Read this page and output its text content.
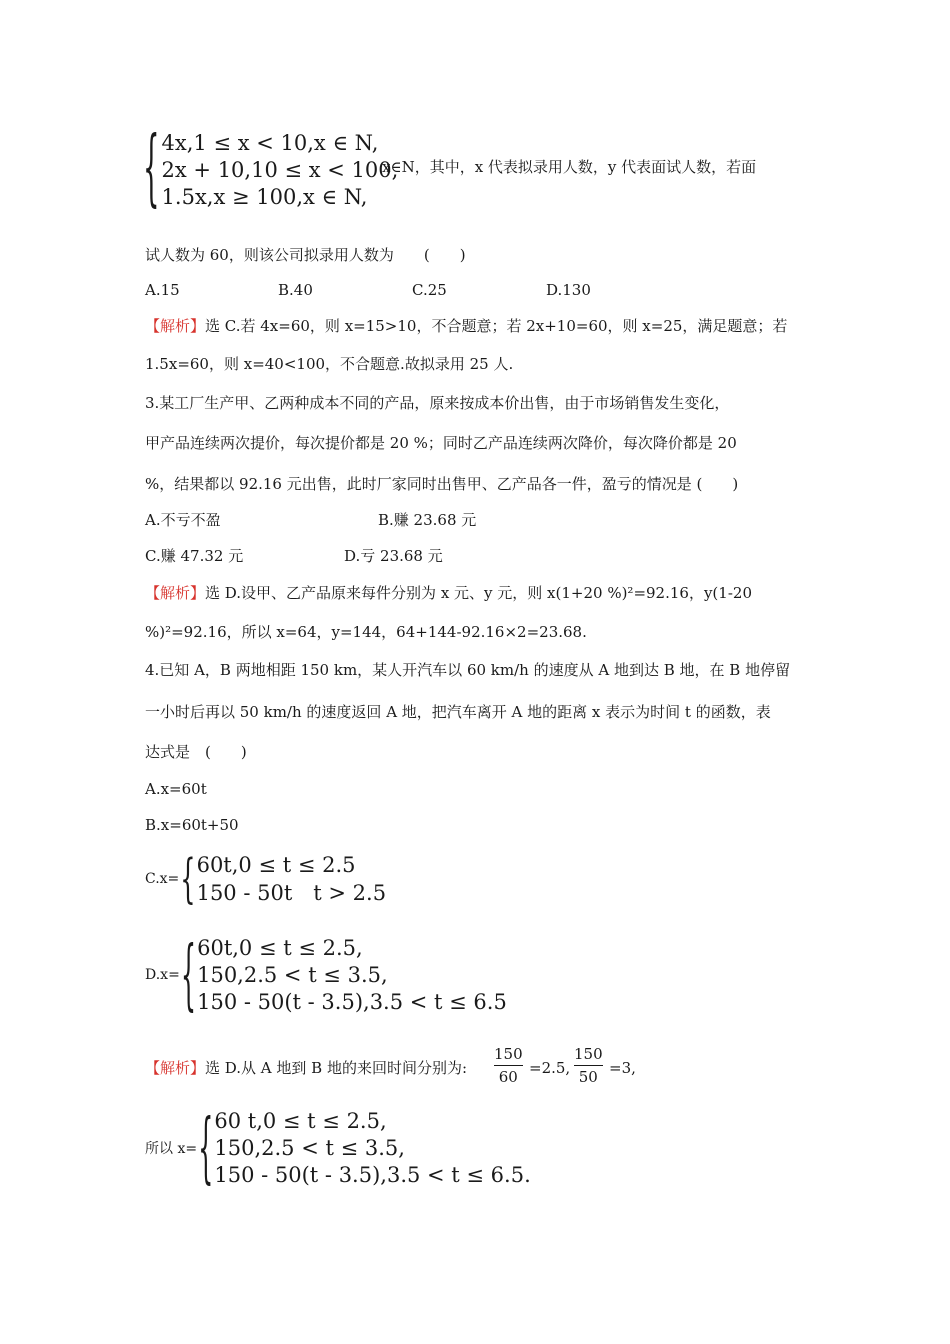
{ 4x,1 ≤ x < 10,x ∈ N,
2x + 10,10 ≤ x < 100,
1.5x,x ≥ 100,x ∈ N,
x∈N，其中，x 代表拟录用人数，y 代表面试人数，若面
试人数为 60，则该公司拟录用人数为　　(　　)
A.15	B.40	C.25	D.130
【解析】选 C.若 4x=60，则 x=15>10，不合题意；若 2x+10=60，则 x=25，满足题意；若
1.5x=60，则 x=40<100，不合题意.故拟录用 25 人.
3.某工厂生产甲、乙两种成本不同的产品，原来按成本价出售，由于市场销售发生变化，
甲产品连续两次提价，每次提价都是 20 %；同时乙产品连续两次降价，每次降价都是 20
%，结果都以 92.16 元出售，此时厂家同时出售甲、乙产品各一件，盈亏的情况是 (　　)
A.不亏不盈	B.赚 23.68 元
C.赚 47.32 元	D.亏 23.68 元
【解析】选 D.设甲、乙产品原来每件分别为 x 元、y 元，则 x(1+20 %)²=92.16，y(1-20
%)²=92.16，所以 x=64，y=144，64+144-92.16×2=23.68.
4.已知 A，B 两地相距 150 km，某人开汽车以 60 km/h 的速度从 A 地到达 B 地，在 B 地停留
一小时后再以 50 km/h 的速度返回 A 地，把汽车离开 A 地的距离 x 表示为时间 t 的函数，表
达式是　(　　)
A.x=60t
B.x=60t+50
C.x= { 60t,0 ≤ t ≤ 2.5
150 - 50t　t > 2.5
D.x= { 60t,0 ≤ t ≤ 2.5,
150,2.5 < t ≤ 3.5,
150 - 50(t - 3.5),3.5 < t ≤ 6.5
【解析】选 D.从 A 地到 B 地的来回时间分别为:
150
60 =2.5,
150
50 =3,
所以 x= { 60 t,0 ≤ t ≤ 2.5,
150,2.5 < t ≤ 3.5,
150 - 50(t - 3.5),3.5 < t ≤ 6.5.
